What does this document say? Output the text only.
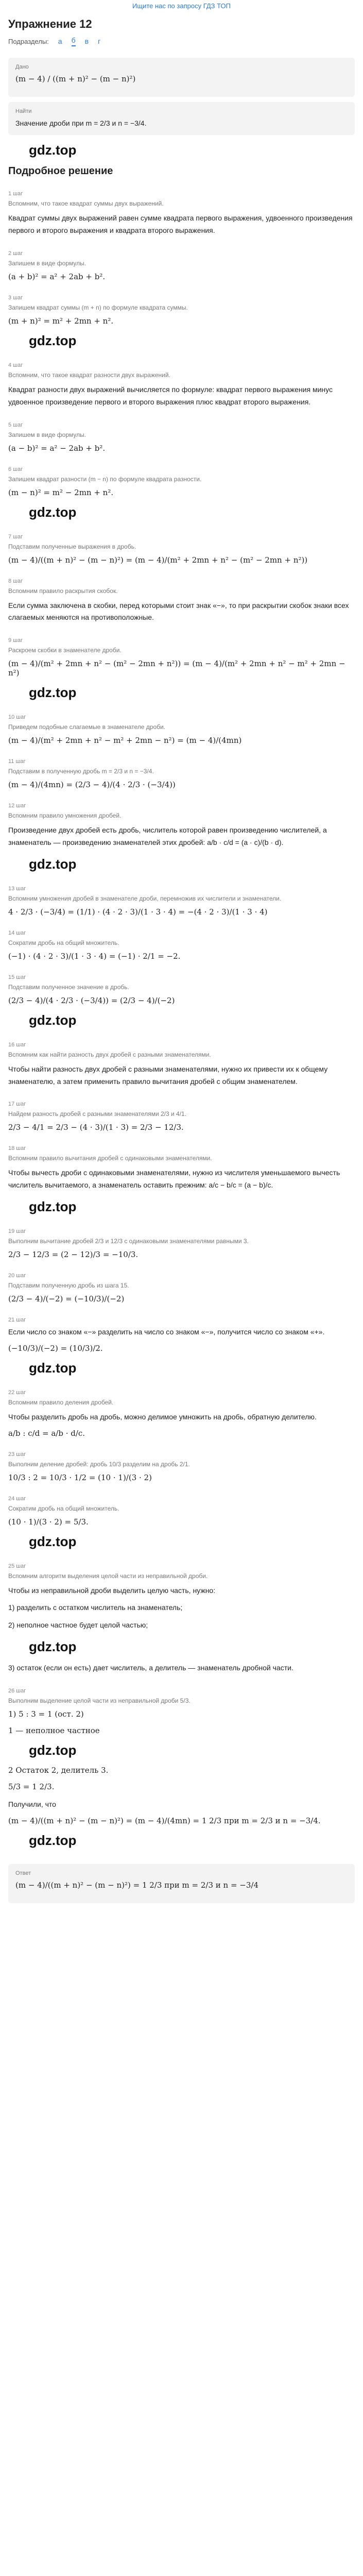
Ищите нас по запросу ГДЗ ТОП
Упражнение 12
Подразделы: а б в г
Дано
(m − 4) / ((m + n)² − (m − n)²)
Найти
Значение дроби при m = 2/3 и n = −3/4.
gdz.top
Подробное решение
1 шаг
Вспомним, что такое квадрат суммы двух выражений.
Квадрат суммы двух выражений равен сумме квадрата первого выражения, удвоенного произведения первого и второго выражения и квадрата второго выражения.
2 шаг
Запишем в виде формулы.
(a + b)² = a² + 2ab + b².
3 шаг
Запишем квадрат суммы (m + n) по формуле квадрата суммы.
(m + n)² = m² + 2mn + n².
gdz.top
4 шаг
Вспомним, что такое квадрат разности двух выражений.
Квадрат разности двух выражений вычисляется по формуле: квадрат первого выражения минус удвоенное произведение первого и второго выражения плюс квадрат второго выражения.
5 шаг
Запишем в виде формулы.
(a − b)² = a² − 2ab + b².
6 шаг
Запишем квадрат разности (m − n) по формуле квадрата разности.
(m − n)² = m² − 2mn + n².
gdz.top
7 шаг
Подставим полученные выражения в дробь.
(m − 4)/((m + n)² − (m − n)²) = (m − 4)/(m² + 2mn + n² − (m² − 2mn + n²))
8 шаг
Вспомним правило раскрытия скобок.
Если сумма заключена в скобки, перед которыми стоит знак «−», то при раскрытии скобок знаки всех слагаемых меняются на противоположные.
9 шаг
Раскроем скобки в знаменателе дроби.
(m − 4)/(m² + 2mn + n² − (m² − 2mn + n²)) = (m − 4)/(m² + 2mn + n² − m² + 2mn − n²)
gdz.top
10 шаг
Приведем подобные слагаемые в знаменателе дроби.
(m − 4)/(m² + 2mn + n² − m² + 2mn − n²) = (m − 4)/(4mn)
11 шаг
Подставим в полученную дробь m = 2/3 и n = −3/4.
(m − 4)/(4mn) = (2/3 − 4)/(4 · 2/3 · (−3/4))
12 шаг
Вспомним правило умножения дробей.
Произведение двух дробей есть дробь, числитель которой равен произведению числителей, а знаменатель — произведению знаменателей этих дробей: a/b · c/d = (a · c)/(b · d).
gdz.top
13 шаг
Вспомним умножения дробей в знаменателе дроби, перемножив их числители и знаменатели.
4 · 2/3 · (−3/4) = (1/1) · (4 · 2 · 3)/(1 · 3 · 4) = −(4 · 2 · 3)/(1 · 3 · 4)
14 шаг
Сократим дробь на общий множитель.
(−1) · (4 · 2 · 3)/(1 · 3 · 4) = (−1) · 2/1 = −2.
15 шаг
Подставим полученное значение в дробь.
(2/3 − 4)/(4 · 2/3 · (−3/4)) = (2/3 − 4)/(−2)
gdz.top
16 шаг
Вспомним как найти разность двух дробей с разными знаменателями.
Чтобы найти разность двух дробей с разными знаменателями, нужно их привести их к общему знаменателю, а затем применить правило вычитания дробей с общим знаменателем.
17 шаг
Найдем разность дробей с разными знаменателями 2/3 и 4/1.
2/3 − 4/1 = 2/3 − (4 · 3)/(1 · 3) = 2/3 − 12/3.
18 шаг
Вспомним правило вычитания дробей с одинаковыми знаменателями.
Чтобы вычесть дроби с одинаковыми знаменателями, нужно из числителя уменьшаемого вычесть числитель вычитаемого, а знаменатель оставить прежним: a/c − b/c = (a − b)/c.
gdz.top
19 шаг
Выполним вычитание дробей 2/3 и 12/3 с одинаковыми знаменателями равными 3.
2/3 − 12/3 = (2 − 12)/3 = −10/3.
20 шаг
Подставим полученную дробь из шага 15.
(2/3 − 4)/(−2) = (−10/3)/(−2)
21 шаг
Если число со знаком «−» разделить на число со знаком «−», получится число со знаком «+».
(−10/3)/(−2) = (10/3)/2.
gdz.top
22 шаг
Вспомним правило деления дробей.
Чтобы разделить дробь на дробь, можно делимое умножить на дробь, обратную делителю.
a/b : c/d = a/b · d/c.
23 шаг
Выполним деление дробей: дробь 10/3 разделим на дробь 2/1.
10/3 : 2 = 10/3 · 1/2 = (10 · 1)/(3 · 2)
24 шаг
Сократим дробь на общий множитель.
(10 · 1)/(3 · 2) = 5/3.
gdz.top
25 шаг
Вспомним алгоритм выделения целой части из неправильной дроби.
Чтобы из неправильной дроби выделить целую часть, нужно:
1) разделить с остатком числитель на знаменатель;
2) неполное частное будет целой частью;
gdz.top
3) остаток (если он есть) дает числитель, а делитель — знаменатель дробной части.
26 шаг
Выполним выделение целой части из неправильной дроби 5/3.
1) 5 : 3 = 1 (ост. 2)
1 — неполное частное
gdz.top
2 Остаток 2, делитель 3.
5/3 = 1 2/3.
Получили, что
(m − 4)/((m + n)² − (m − n)²) = (m − 4)/(4mn) = 1 2/3 при m = 2/3 и n = −3/4.
gdz.top
Ответ
(m − 4)/((m + n)² − (m − n)²) = 1 2/3 при m = 2/3 и n = −3/4
